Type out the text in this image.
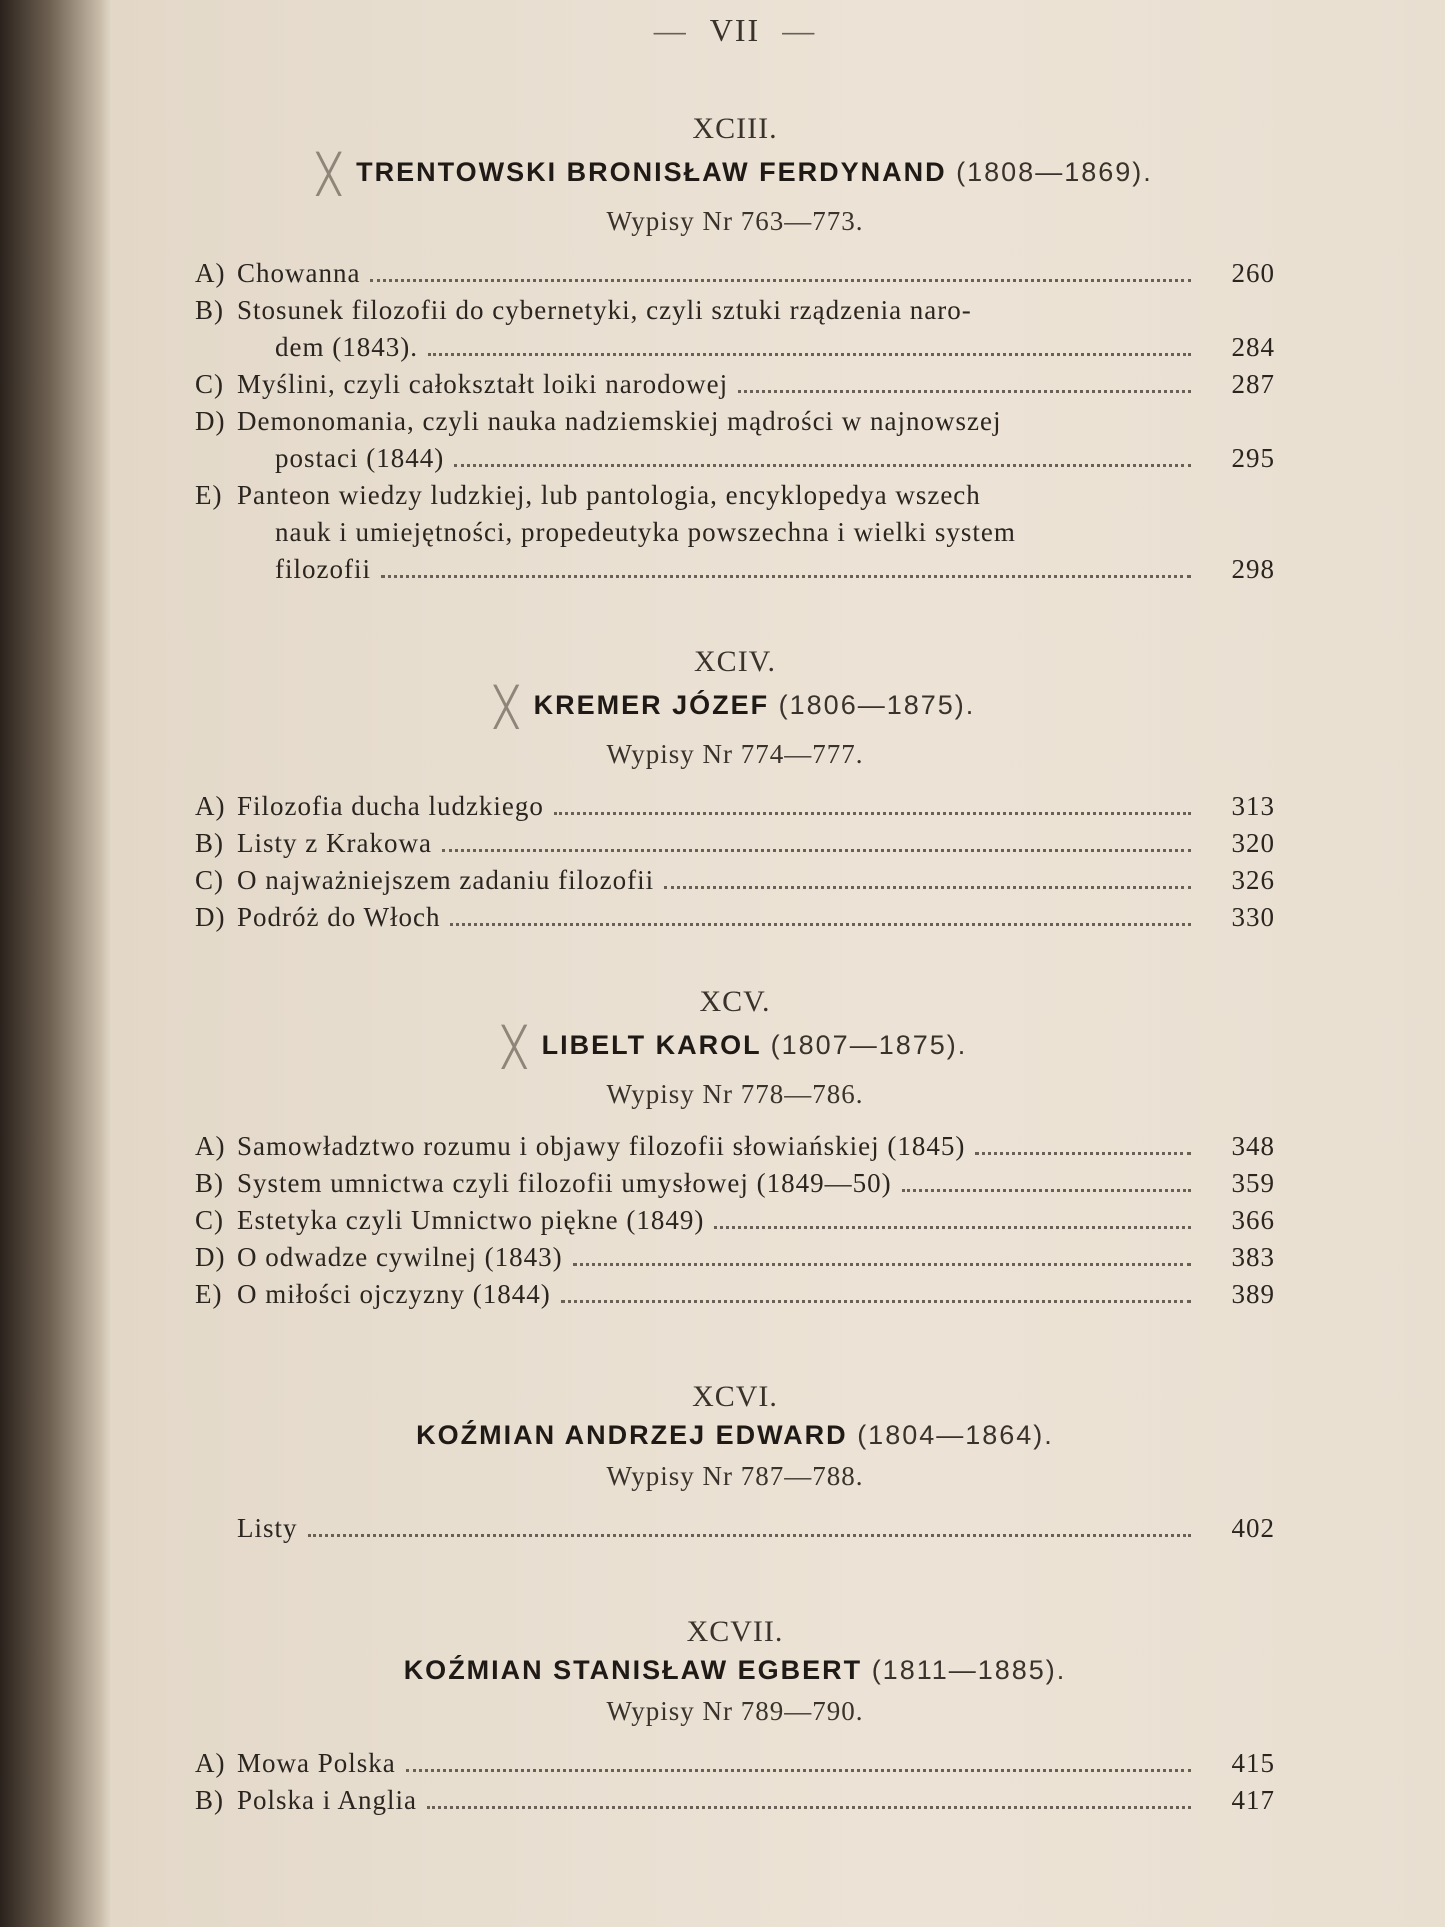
— VII —
XCIII.
╳ TRENTOWSKI BRONISŁAW FERDYNAND (1808—1869).
Wypisy Nr 763—773.
A) Chowanna	260
B) Stosunek filozofii do cybernetyki, czyli sztuki rządzenia naro-
dem (1843).	284
C) Myślini, czyli całokształt loiki narodowej	287
D) Demonomania, czyli nauka nadziemskiej mądrości w najnowszej
postaci (1844)	295
E) Panteon wiedzy ludzkiej, lub pantologia, encyklopedya wszech
nauk i umiejętności, propedeutyka powszechna i wielki system
filozofii	298
XCIV.
╳ KREMER JÓZEF (1806—1875).
Wypisy Nr 774—777.
A) Filozofia ducha ludzkiego	313
B) Listy z Krakowa	320
C) O najważniejszem zadaniu filozofii	326
D) Podróż do Włoch	330
XCV.
╳ LIBELT KAROL (1807—1875).
Wypisy Nr 778—786.
A) Samowładztwo rozumu i objawy filozofii słowiańskiej (1845)	348
B) System umnictwa czyli filozofii umysłowej (1849—50)	359
C) Estetyka czyli Umnictwo piękne (1849)	366
D) O odwadze cywilnej (1843)	383
E) O miłości ojczyzny (1844)	389
XCVI.
KOŹMIAN ANDRZEJ EDWARD (1804—1864).
Wypisy Nr 787—788.
Listy	402
XCVII.
KOŹMIAN STANISŁAW EGBERT (1811—1885).
Wypisy Nr 789—790.
A) Mowa Polska	415
B) Polska i Anglia	417
